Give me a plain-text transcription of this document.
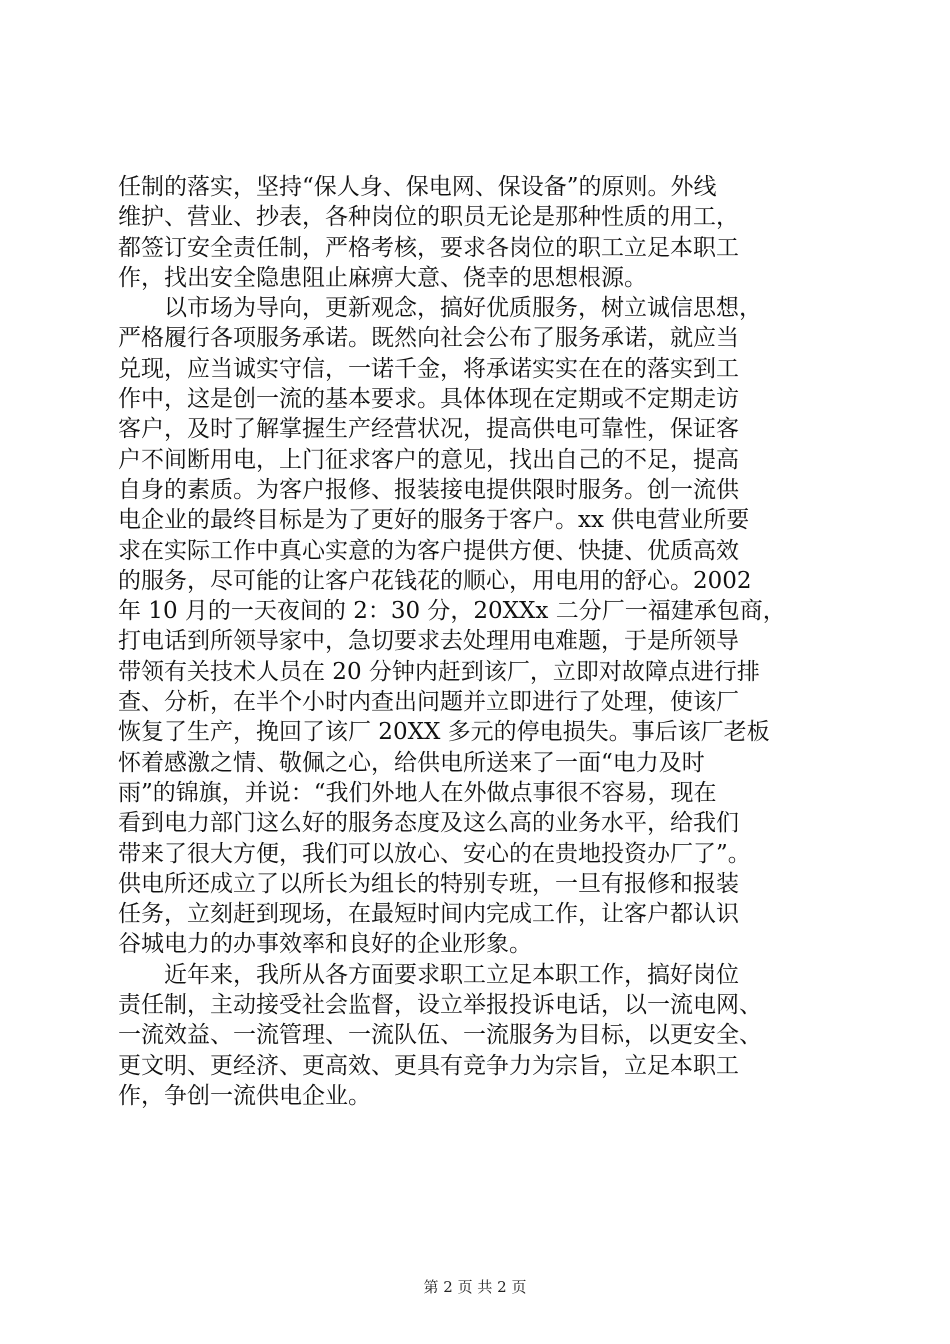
任制的落实，坚持“保人身、保电网、保设备”的原则。外线
维护、营业、抄表，各种岗位的职员无论是那种性质的用工，
都签订安全责任制，严格考核，要求各岗位的职工立足本职工
作，找出安全隐患阻止麻痹大意、侥幸的思想根源。
　　以市场为导向，更新观念，搞好优质服务，树立诚信思想，
严格履行各项服务承诺。既然向社会公布了服务承诺，就应当
兑现，应当诚实守信，一诺千金，将承诺实实在在的落实到工
作中，这是创一流的基本要求。具体体现在定期或不定期走访
客户，及时了解掌握生产经营状况，提高供电可靠性，保证客
户不间断用电，上门征求客户的意见，找出自己的不足，提高
自身的素质。为客户报修、报装接电提供限时服务。创一流供
电企业的最终目标是为了更好的服务于客户。xx 供电营业所要
求在实际工作中真心实意的为客户提供方便、快捷、优质高效
的服务，尽可能的让客户花钱花的顺心，用电用的舒心。2002
年 10 月的一天夜间的 2：30 分，20XXx 二分厂一福建承包商，
打电话到所领导家中，急切要求去处理用电难题，于是所领导
带领有关技术人员在 20 分钟内赶到该厂，立即对故障点进行排
查、分析，在半个小时内查出问题并立即进行了处理，使该厂
恢复了生产，挽回了该厂 20XX 多元的停电损失。事后该厂老板
怀着感激之情、敬佩之心，给供电所送来了一面“电力及时
雨”的锦旗，并说：“我们外地人在外做点事很不容易，现在
看到电力部门这么好的服务态度及这么高的业务水平，给我们
带来了很大方便，我们可以放心、安心的在贵地投资办厂了”。
供电所还成立了以所长为组长的特别专班，一旦有报修和报装
任务，立刻赶到现场，在最短时间内完成工作，让客户都认识
谷城电力的办事效率和良好的企业形象。
　　近年来，我所从各方面要求职工立足本职工作，搞好岗位
责任制，主动接受社会监督，设立举报投诉电话，以一流电网、
一流效益、一流管理、一流队伍、一流服务为目标，以更安全、
更文明、更经济、更高效、更具有竞争力为宗旨，立足本职工
作，争创一流供电企业。
第 2 页 共 2 页
